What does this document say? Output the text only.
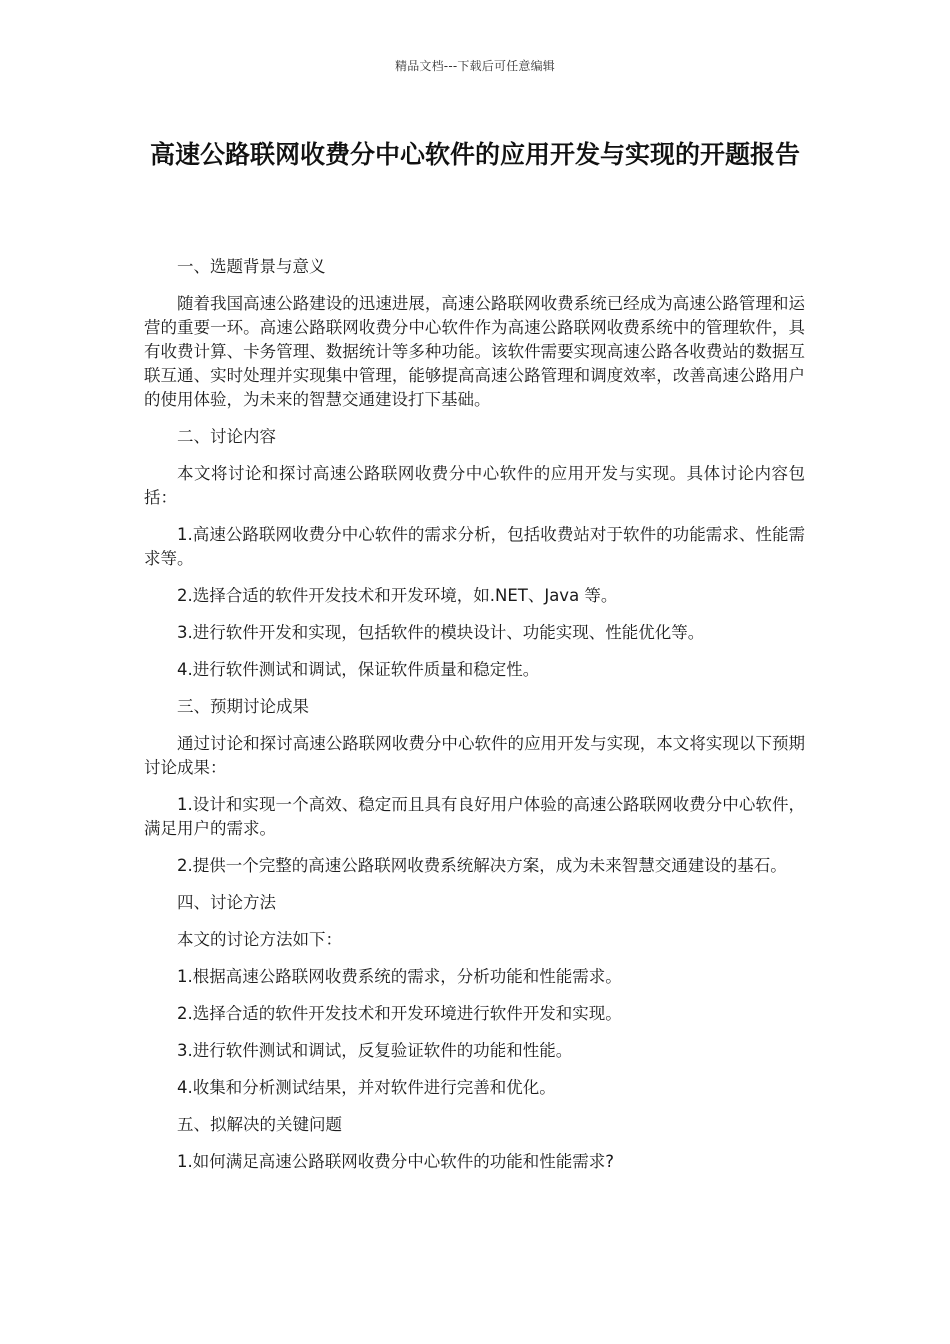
精品文档---下载后可任意编辑
高速公路联网收费分中心软件的应用开发与实现的开题报告

一、选题背景与意义

随着我国高速公路建设的迅速进展，高速公路联网收费系统已经成为高速公路管理和运营的重要一环。高速公路联网收费分中心软件作为高速公路联网收费系统中的管理软件，具有收费计算、卡务管理、数据统计等多种功能。该软件需要实现高速公路各收费站的数据互联互通、实时处理并实现集中管理，能够提高高速公路管理和调度效率，改善高速公路用户的使用体验，为未来的智慧交通建设打下基础。

二、讨论内容

本文将讨论和探讨高速公路联网收费分中心软件的应用开发与实现。具体讨论内容包括：

1.高速公路联网收费分中心软件的需求分析，包括收费站对于软件的功能需求、性能需求等。

2.选择合适的软件开发技术和开发环境，如.NET、Java 等。

3.进行软件开发和实现，包括软件的模块设计、功能实现、性能优化等。

4.进行软件测试和调试，保证软件质量和稳定性。

三、预期讨论成果

通过讨论和探讨高速公路联网收费分中心软件的应用开发与实现，本文将实现以下预期讨论成果：

1.设计和实现一个高效、稳定而且具有良好用户体验的高速公路联网收费分中心软件，满足用户的需求。

2.提供一个完整的高速公路联网收费系统解决方案，成为未来智慧交通建设的基石。

四、讨论方法

本文的讨论方法如下：

1.根据高速公路联网收费系统的需求，分析功能和性能需求。

2.选择合适的软件开发技术和开发环境进行软件开发和实现。

3.进行软件测试和调试，反复验证软件的功能和性能。

4.收集和分析测试结果，并对软件进行完善和优化。

五、拟解决的关键问题

1.如何满足高速公路联网收费分中心软件的功能和性能需求?
